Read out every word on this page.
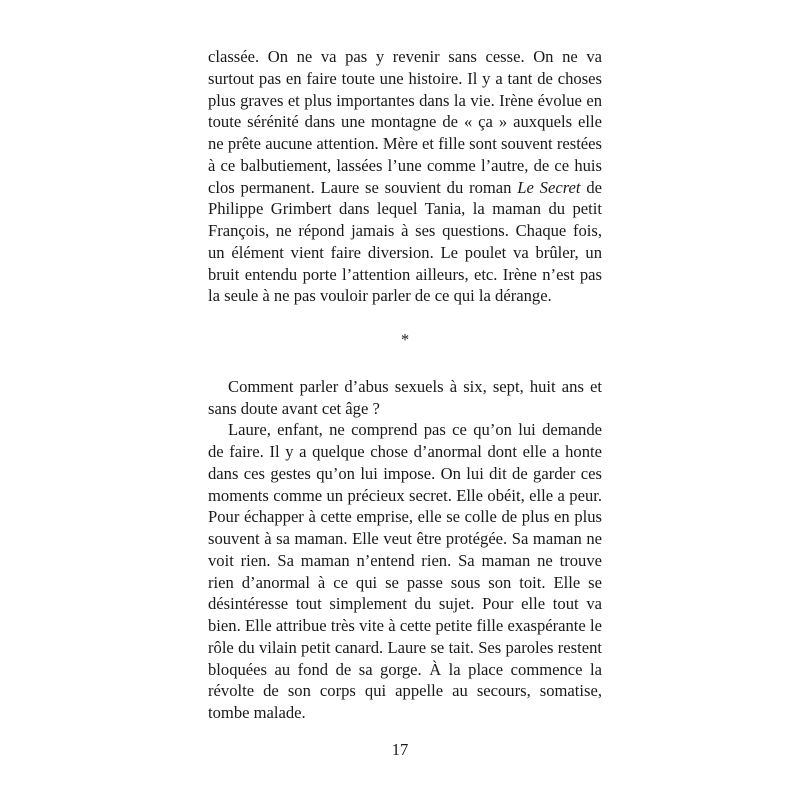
classée. On ne va pas y revenir sans cesse. On ne va surtout pas en faire toute une histoire. Il y a tant de choses plus graves et plus importantes dans la vie. Irène évolue en toute sérénité dans une montagne de « ça » auxquels elle ne prête aucune attention. Mère et fille sont souvent restées à ce balbutiement, lassées l’une comme l’autre, de ce huis clos permanent. Laure se souvient du roman Le Secret de Philippe Grimbert dans lequel Tania, la maman du petit François, ne répond jamais à ses questions. Chaque fois, un élément vient faire diversion. Le poulet va brûler, un bruit entendu porte l’attention ailleurs, etc. Irène n’est pas la seule à ne pas vouloir parler de ce qui la dérange.

*

Comment parler d’abus sexuels à six, sept, huit ans et sans doute avant cet âge ?

Laure, enfant, ne comprend pas ce qu’on lui demande de faire. Il y a quelque chose d’anormal dont elle a honte dans ces gestes qu’on lui impose. On lui dit de garder ces moments comme un précieux secret. Elle obéit, elle a peur. Pour échapper à cette emprise, elle se colle de plus en plus souvent à sa maman. Elle veut être protégée. Sa maman ne voit rien. Sa maman n’entend rien. Sa maman ne trouve rien d’anormal à ce qui se passe sous son toit. Elle se désintéresse tout simplement du sujet. Pour elle tout va bien. Elle attribue très vite à cette petite fille exaspérante le rôle du vilain petit canard. Laure se tait. Ses paroles restent bloquées au fond de sa gorge. À la place commence la révolte de son corps qui appelle au secours, somatise, tombe malade.

17
